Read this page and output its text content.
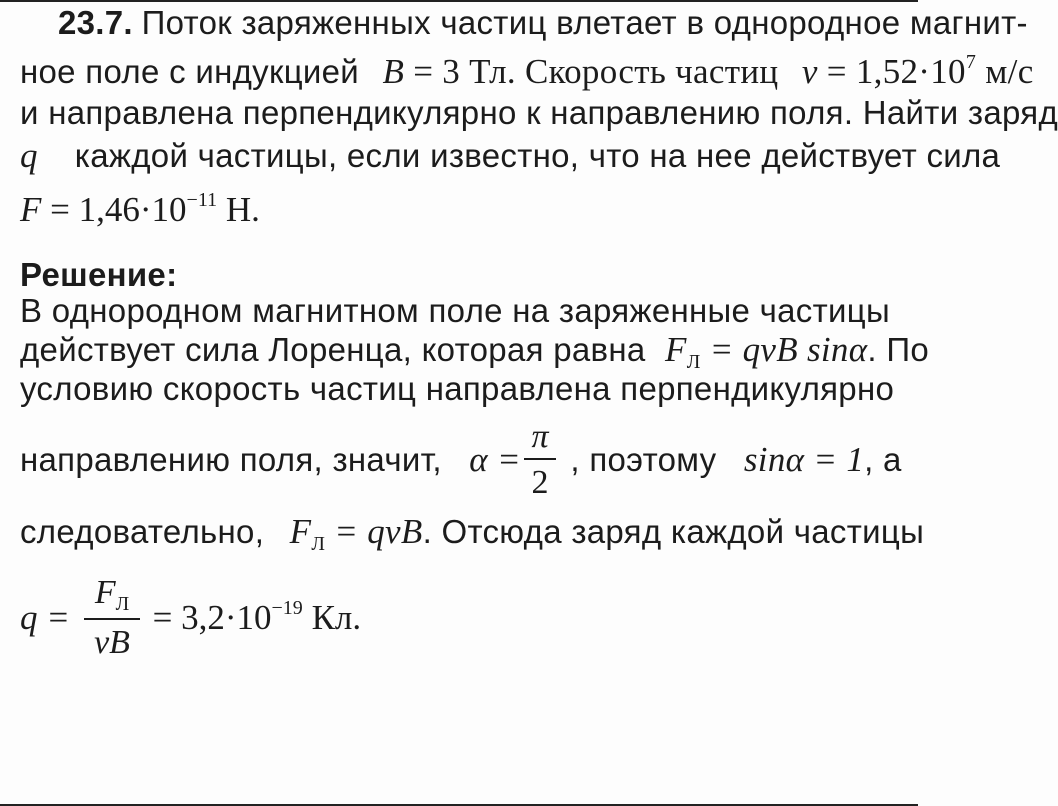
23.7. Поток заряженных частиц влетает в однородное магнит-
ное поле с индукцией B = 3 Тл. Скорость частиц $v = 1,52\cdot 10^7$ м/с
и направлена перпендикулярно к направлению поля. Найти заряд
q каждой частицы, если известно, что на нее действует сила
F = 1,46·10−11 Н.
Решение:
В однородном магнитном поле на заряженные частицы
действует сила Лоренца, которая равна $F_Л$ = qvB sinα. По
условию скорость частиц направлена перпендикулярно
направлению поля, значит, α = , поэтому sinα = 1, а
π
2
следовательно, $F_Л$ = qvB. Отсюда заряд каждой частицы
q =  = 3,2·10−19 Кл.
$F_Л$
vB
